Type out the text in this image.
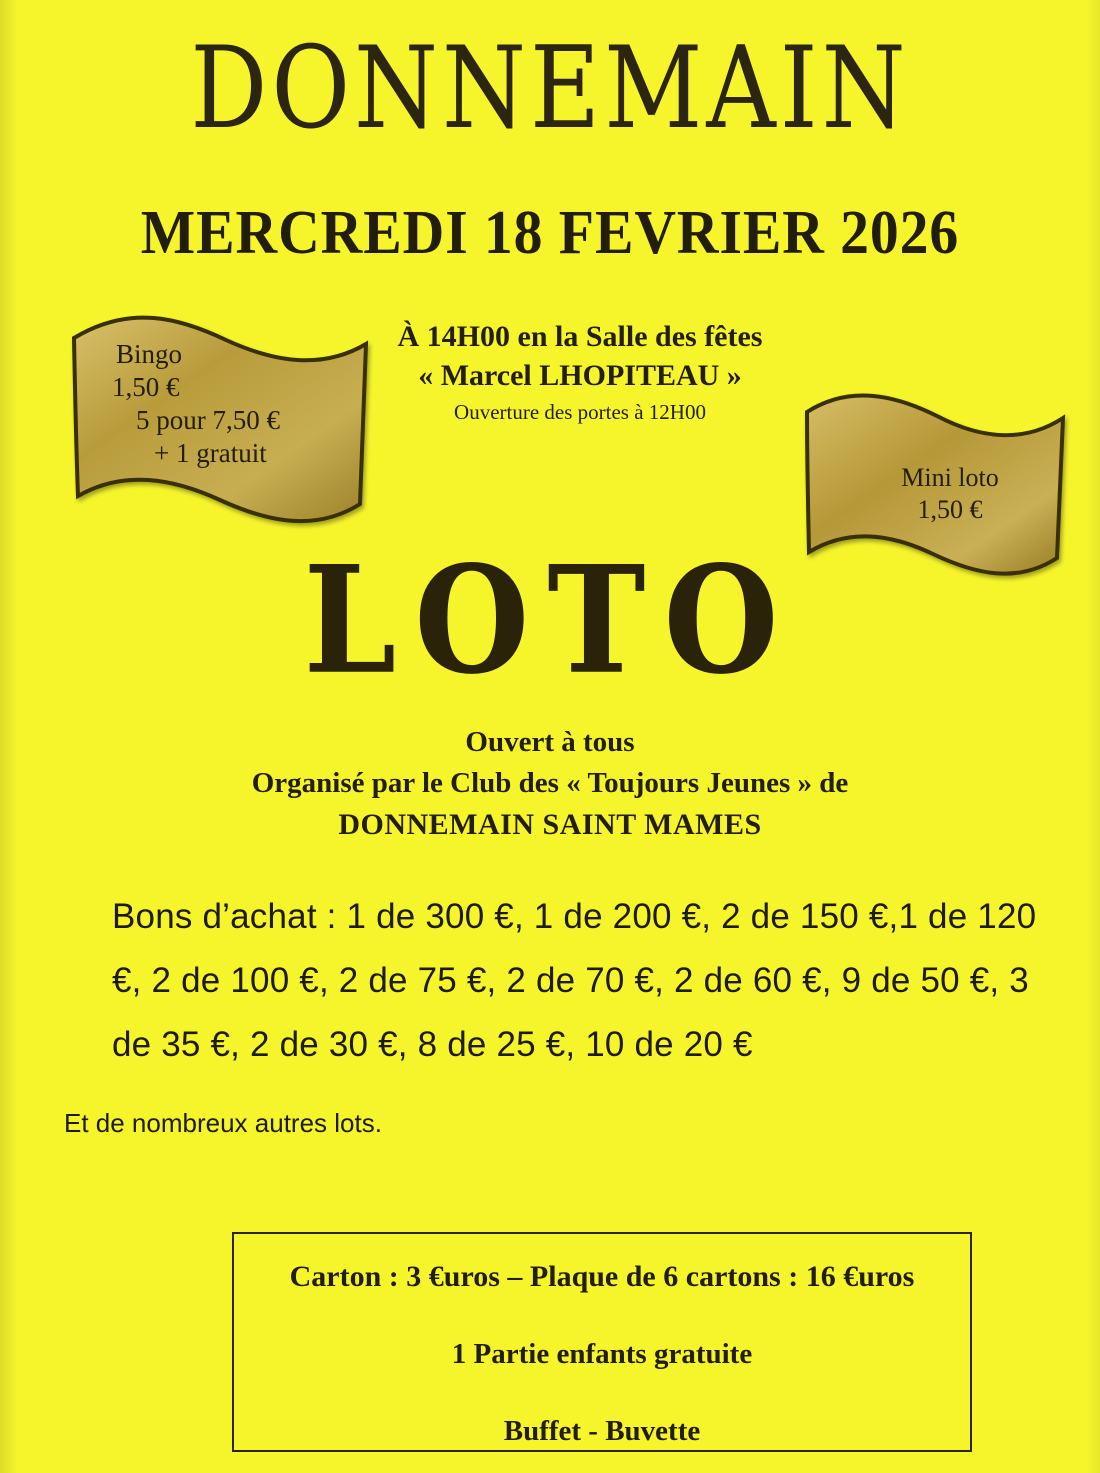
DONNEMAIN
MERCREDI 18 FEVRIER 2026
À 14H00 en la Salle des fêtes
« Marcel LHOPITEAU »
Ouverture des portes à 12H00
Bingo
1,50 €
5 pour 7,50 €
+ 1 gratuit
Mini loto
1,50 €
LOTO
Ouvert à tous
Organisé par le Club des « Toujours Jeunes » de
DONNEMAIN SAINT MAMES
Bons d’achat : 1 de 300 €, 1 de 200 €, 2 de 150 €,1 de 120 €, 2 de 100 €, 2 de 75 €, 2 de 70 €, 2 de 60 €, 9 de 50 €, 3 de 35 €, 2 de 30 €, 8 de 25 €, 10 de 20 €
Et de nombreux autres lots.
Carton : 3 €uros – Plaque de 6 cartons : 16 €uros
1 Partie enfants gratuite
Buffet - Buvette
